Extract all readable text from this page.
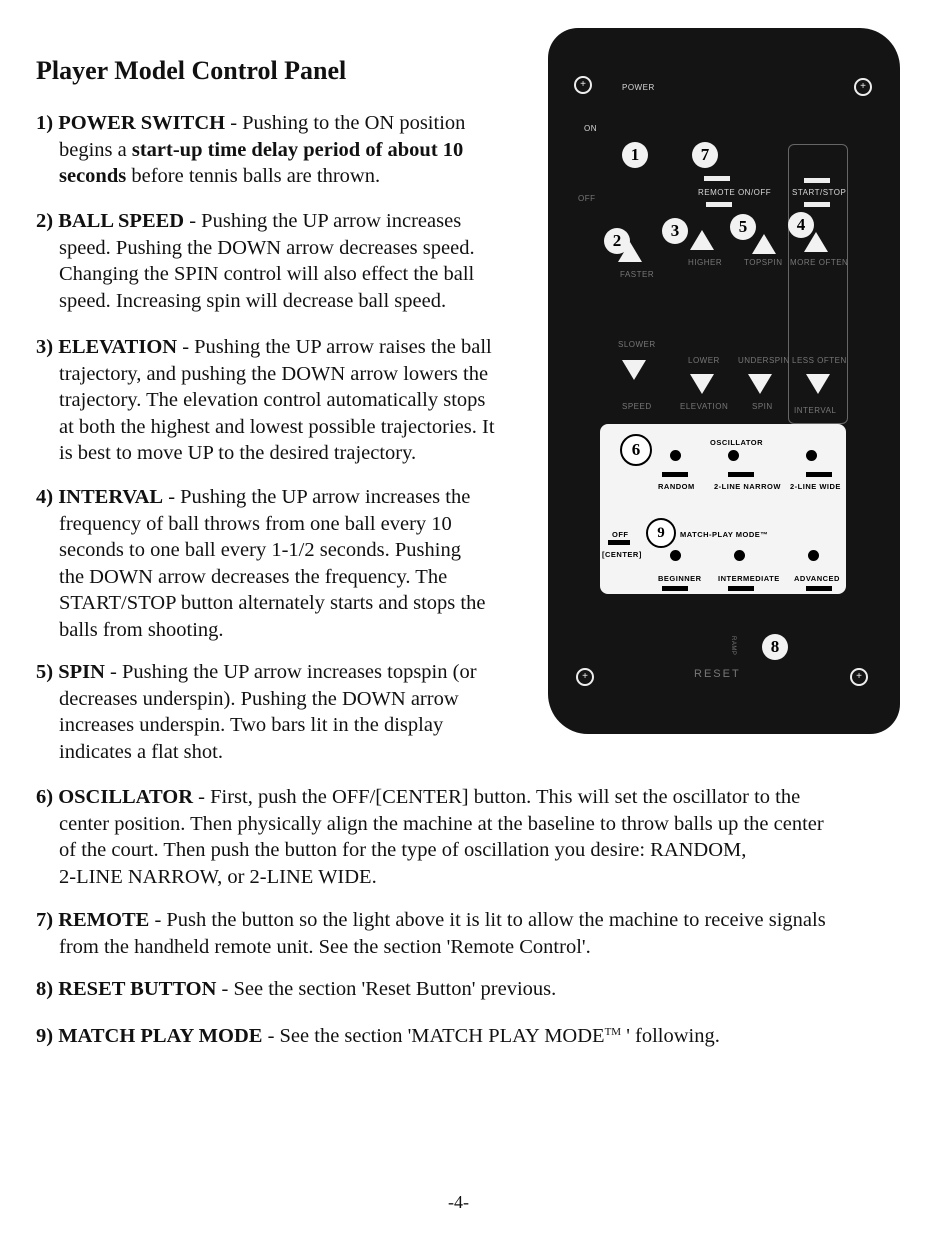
Player Model Control Panel
1) POWER SWITCH - Pushing to the ON position
begins a start-up time delay period of about 10
seconds before tennis balls are thrown.
2) BALL SPEED - Pushing the UP arrow increases
speed. Pushing the DOWN arrow decreases speed.
Changing the SPIN control will also effect the ball
speed. Increasing spin will decrease ball speed.
3) ELEVATION - Pushing the UP arrow raises the ball
trajectory, and pushing the DOWN arrow lowers the
trajectory. The elevation control automatically stops
at both the highest and lowest possible trajectories. It
is best to move UP to the desired trajectory.
4) INTERVAL - Pushing the UP arrow increases the
frequency of ball throws from one ball every 10
seconds to one ball every 1-1/2 seconds. Pushing
the DOWN arrow decreases the frequency. The
START/STOP button alternately starts and stops the
balls from shooting.
5) SPIN - Pushing the UP arrow increases topspin (or
decreases underspin). Pushing the DOWN arrow
increases underspin. Two bars lit in the display
indicates a flat shot.
6) OSCILLATOR - First, push the OFF/[CENTER] button. This will set the oscillator to the
center position. Then physically align the machine at the baseline to throw balls up the center
of the court. Then push the button for the type of oscillation you desire: RANDOM,
2-LINE NARROW, or 2-LINE WIDE.
7) REMOTE - Push the button so the light above it is lit to allow the machine to receive signals
from the handheld remote unit. See the section 'Remote Control'.
8) RESET BUTTON - See the section 'Reset Button' previous.
9) MATCH PLAY MODE - See the section 'MATCH PLAY MODE™ ' following.
+	+
+	+
POWER
ON
OFF
1	7
REMOTE ON/OFF	START/STOP
2
3	5	4
FASTER
HIGHER	TOPSPIN MORE OFTEN
SLOWER
LOWER UNDERSPIN LESS OFTEN
SPEED	ELEVATION	SPIN	INTERVAL
6	OSCILLATOR
RANDOM	2-LINE NARROW 2-LINE WIDE
OFF
[CENTER]
9	MATCH-PLAY MODE™
BEGINNER INTERMEDIATE ADVANCED
RAMP	8
RESET
-4-
